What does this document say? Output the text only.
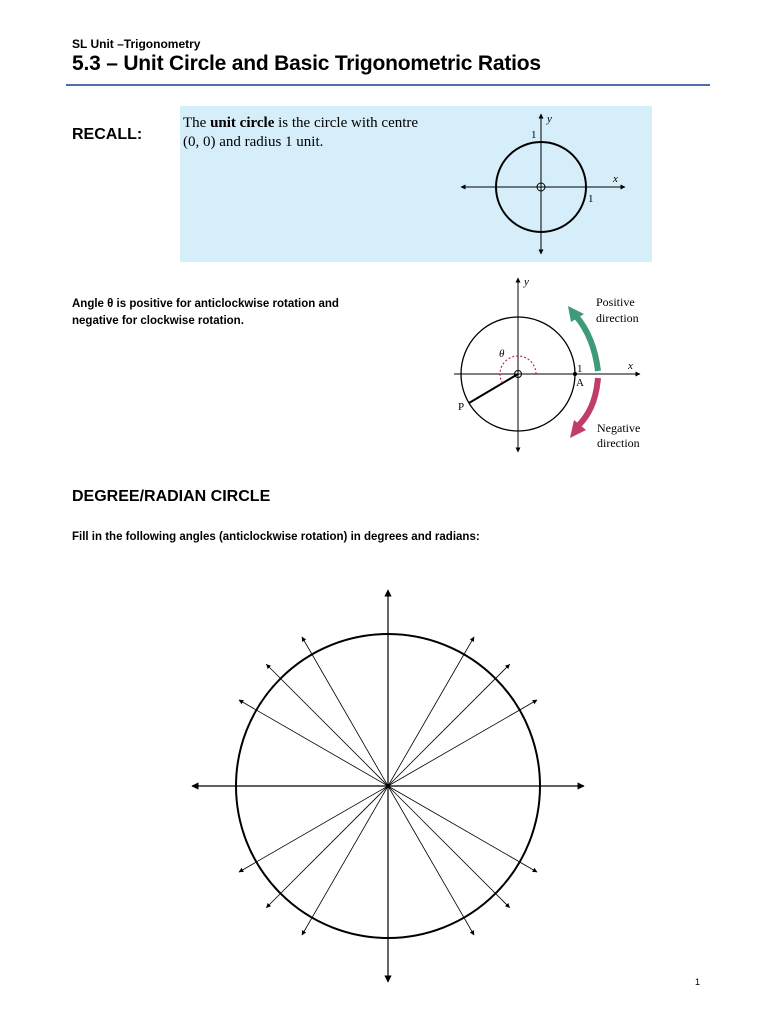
SL Unit –Trigonometry
5.3 – Unit Circle and Basic Trigonometric Ratios
RECALL:
The unit circle is the circle with centre (0, 0) and radius 1 unit.
y
1
x
1
Angle θ is positive for anticlockwise rotation and negative for clockwise rotation.
y
x
1
A
P
θ
Positive
direction
Negative
direction
DEGREE/RADIAN CIRCLE
Fill in the following angles (anticlockwise rotation) in degrees and radians:
1
